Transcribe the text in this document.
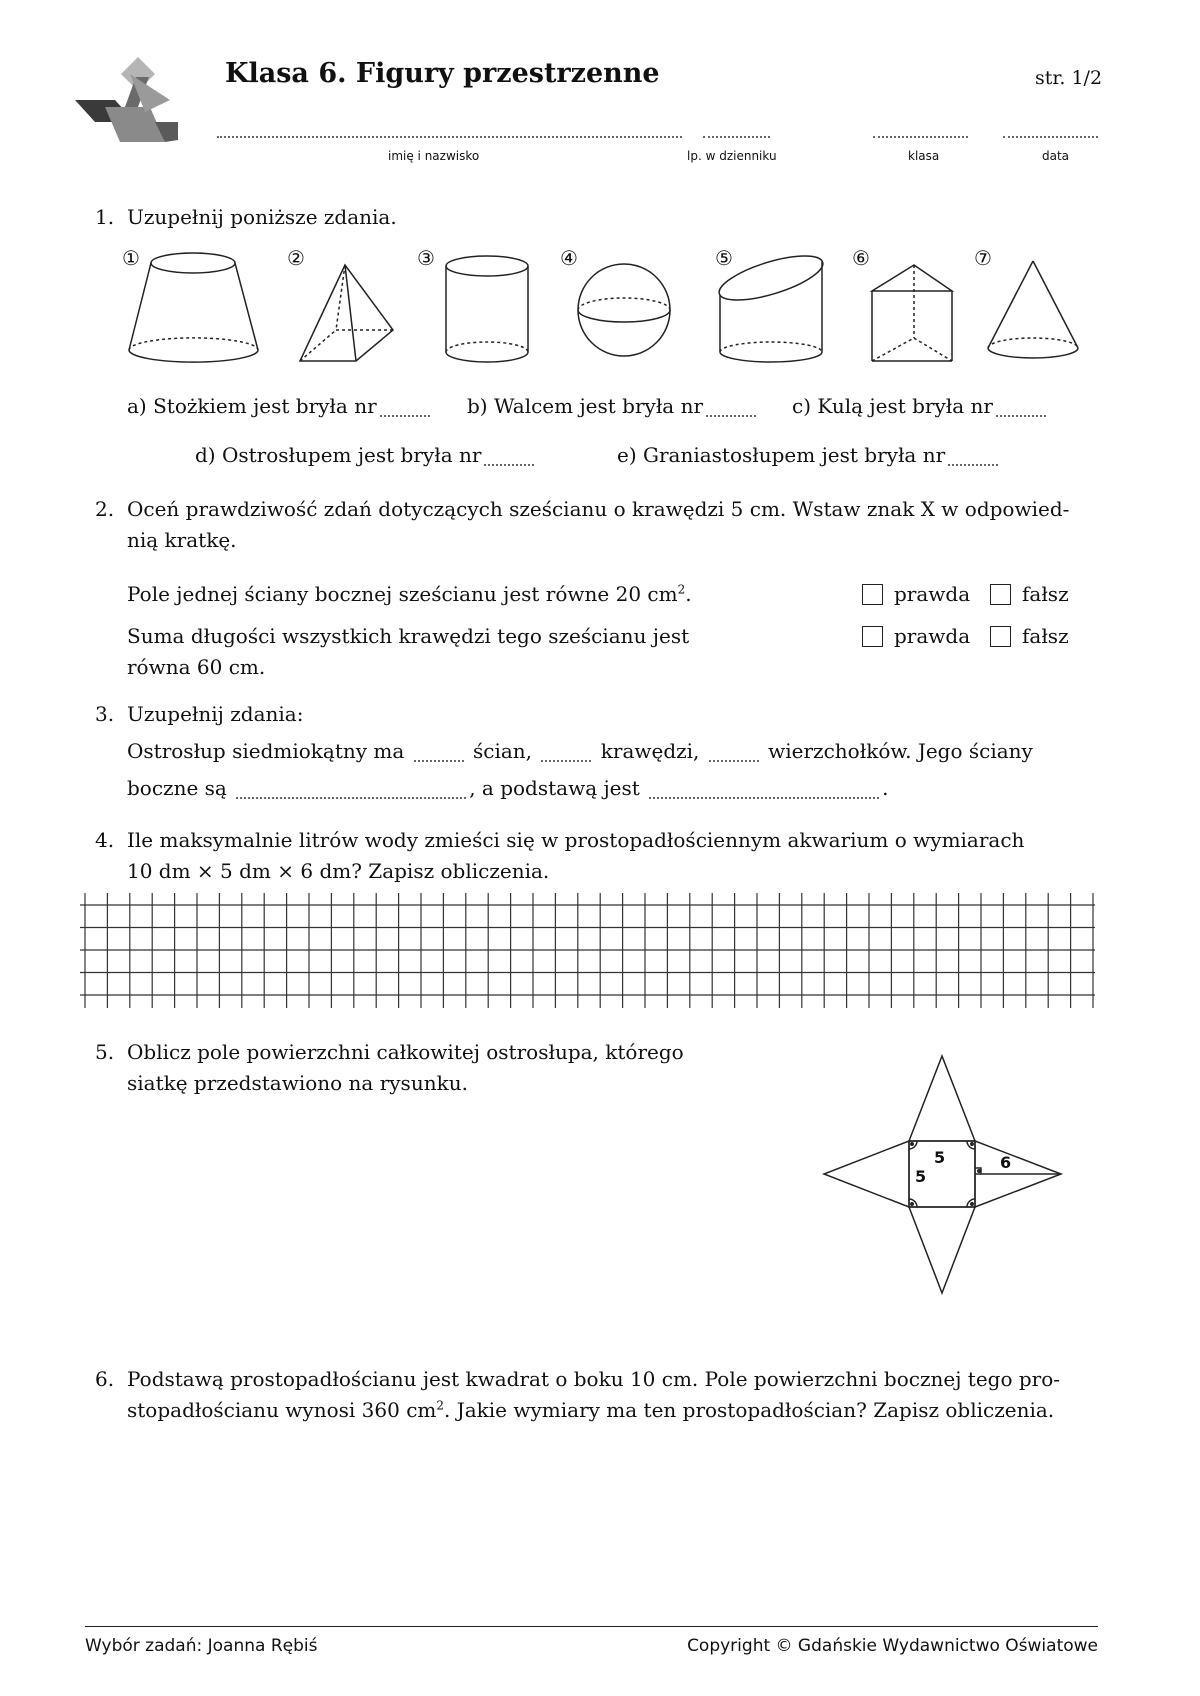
Klasa 6. Figury przestrzenne	str. 1/2
imię i nazwisko	lp. w dzienniku	klasa	data
1. Uzupełnij poniższe zdania.
①	②	③	④	⑤	⑥	⑦
a) Stożkiem jest bryła nr	b) Walcem jest bryła nr	c) Kulą jest bryła nr
d) Ostrosłupem jest bryła nr	e) Graniastosłupem jest bryła nr
2. Oceń prawdziwość zdań dotyczących sześcianu o krawędzi 5 cm. Wstaw znak X w odpowied-
nią kratkę.
Pole jednej ściany bocznej sześcianu jest równe 20 $cm^2$.	prawda	fałsz
Suma długości wszystkich krawędzi tego sześcianu jest
równa 60 cm.
prawda	fałsz
3. Uzupełnij zdania:
Ostrosłup siedmiokątny ma	ścian,	krawędzi,	wierzchołków. Jego ściany
boczne są	, a podstawą jest	.
4. Ile maksymalnie litrów wody zmieści się w prostopadłościennym akwarium o wymiarach
10 dm × 5 dm × 6 dm? Zapisz obliczenia.
5. Oblicz pole powierzchni całkowitej ostrosłupa, którego
siatkę przedstawiono na rysunku.
5
5
6
6. Podstawą prostopadłościanu jest kwadrat o boku 10 cm. Pole powierzchni bocznej tego pro-
stopadłościanu wynosi 360 $cm^2$. Jakie wymiary ma ten prostopadłościan? Zapisz obliczenia.
Wybór zadań: Joanna Rębiś	Copyright © Gdańskie Wydawnictwo Oświatowe
